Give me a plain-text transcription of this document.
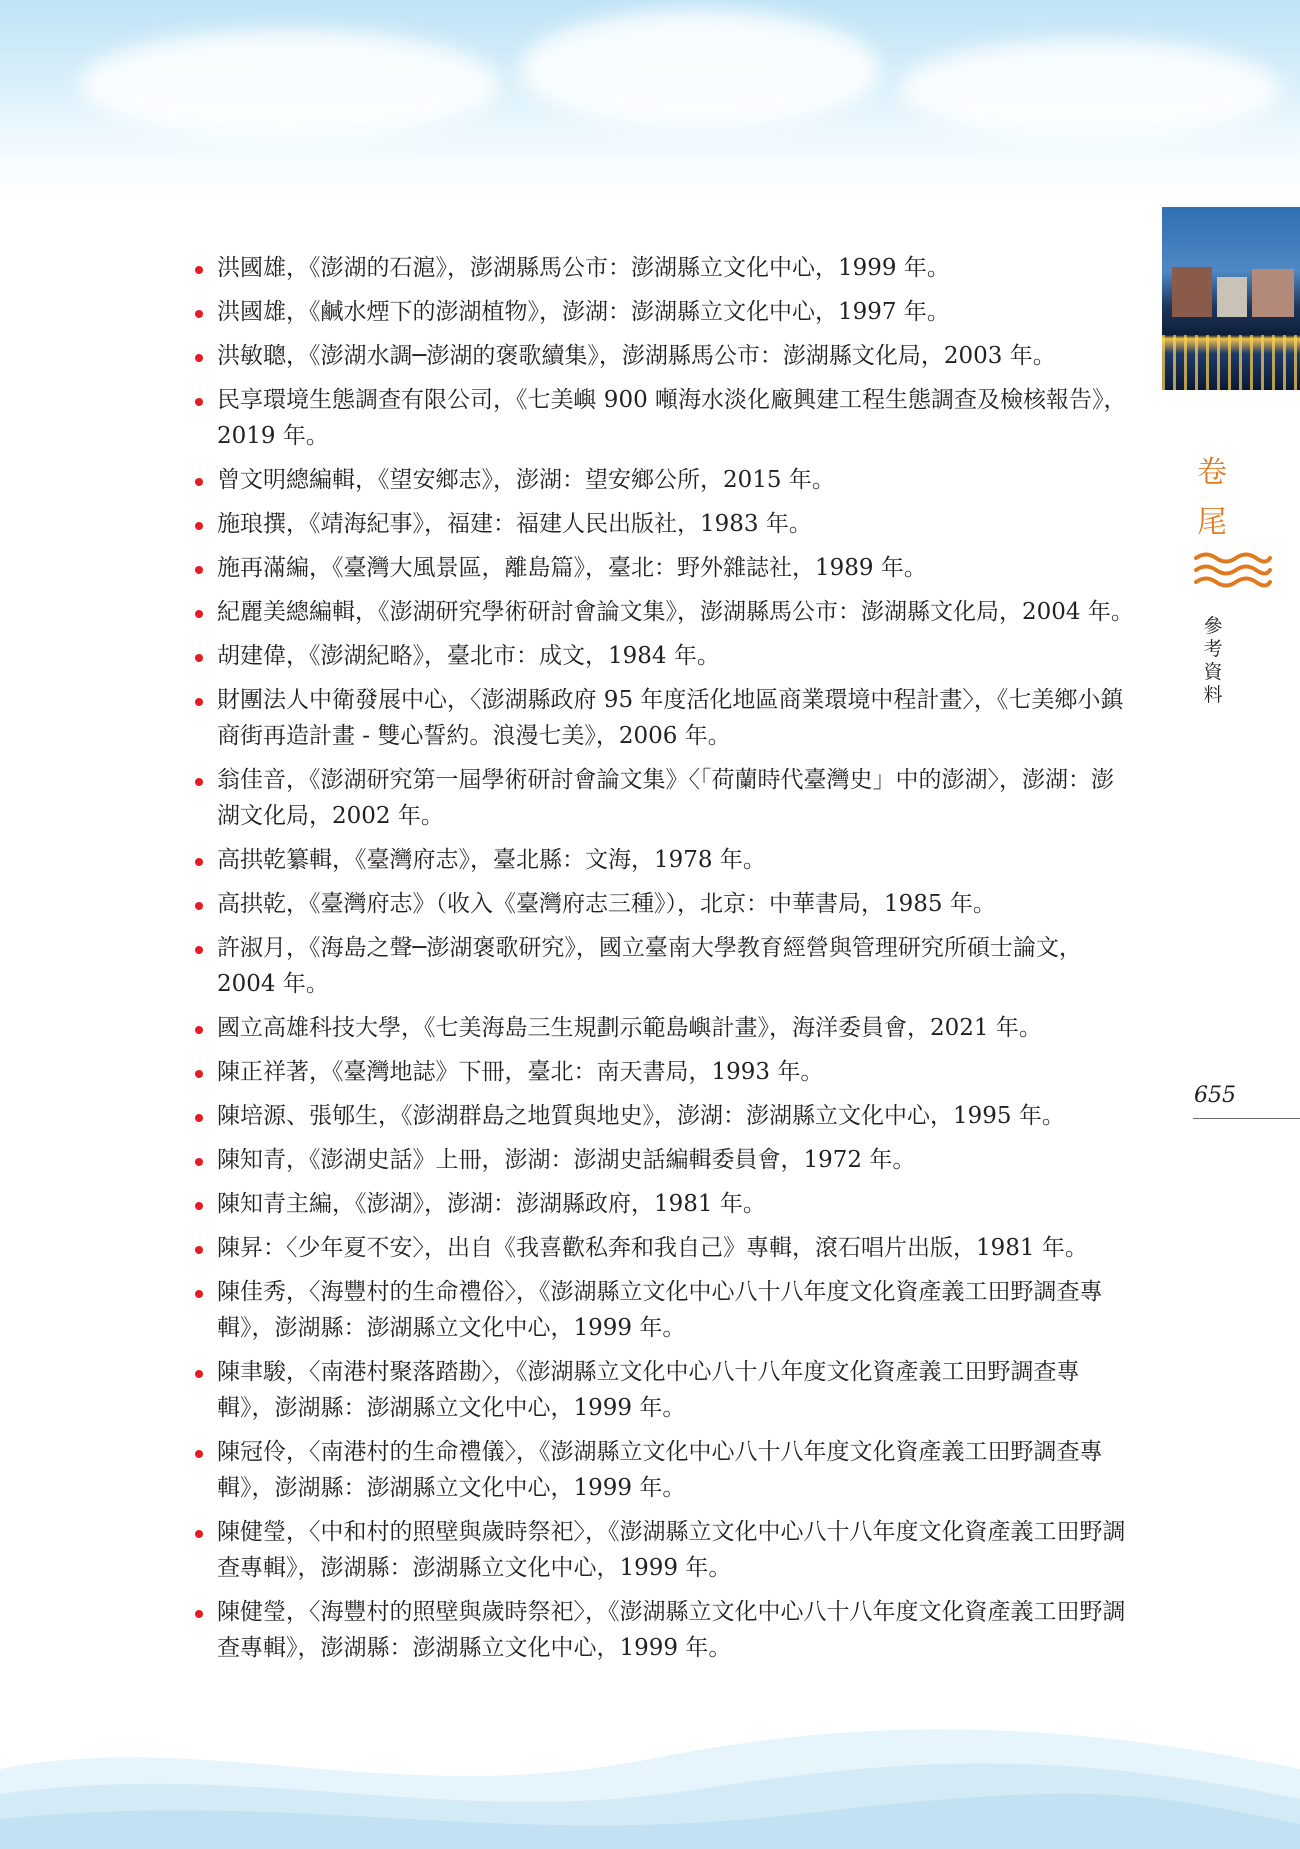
卷
尾
參
考
資
料
655
洪國雄，《澎湖的石滬》，澎湖縣馬公市：澎湖縣立文化中心，1999 年。
洪國雄，《鹹水煙下的澎湖植物》，澎湖：澎湖縣立文化中心，1997 年。
洪敏聰，《澎湖水調─澎湖的褒歌續集》，澎湖縣馬公市：澎湖縣文化局，2003 年。
民享環境生態調查有限公司，《七美嶼 900 噸海水淡化廠興建工程生態調查及檢核報告》，2019 年。
曾文明總編輯，《望安鄉志》，澎湖：望安鄉公所，2015 年。
施琅撰，《靖海紀事》，福建：福建人民出版社，1983 年。
施再滿編，《臺灣大風景區，離島篇》，臺北：野外雜誌社，1989 年。
紀麗美總編輯，《澎湖研究學術研討會論文集》，澎湖縣馬公市：澎湖縣文化局，2004 年。
胡建偉，《澎湖紀略》，臺北市：成文，1984 年。
財團法人中衛發展中心，〈澎湖縣政府 95 年度活化地區商業環境中程計畫〉，《七美鄉小鎮商街再造計畫 - 雙心誓約。浪漫七美》，2006 年。
翁佳音，《澎湖研究第一屆學術研討會論文集》〈「荷蘭時代臺灣史」中的澎湖〉，澎湖：澎湖文化局，2002 年。
高拱乾纂輯，《臺灣府志》，臺北縣：文海，1978 年。
高拱乾，《臺灣府志》（收入《臺灣府志三種》），北京：中華書局，1985 年。
許淑月，《海島之聲─澎湖褒歌研究》，國立臺南大學教育經營與管理研究所碩士論文，2004 年。
國立高雄科技大學，《七美海島三生規劃示範島嶼計畫》，海洋委員會，2021 年。
陳正祥著，《臺灣地誌》下冊，臺北：南天書局，1993 年。
陳培源、張郇生，《澎湖群島之地質與地史》，澎湖：澎湖縣立文化中心，1995 年。
陳知青，《澎湖史話》上冊，澎湖：澎湖史話編輯委員會，1972 年。
陳知青主編，《澎湖》，澎湖：澎湖縣政府，1981 年。
陳昇：〈少年夏不安〉，出自《我喜歡私奔和我自己》專輯，滾石唱片出版，1981 年。
陳佳秀，〈海豐村的生命禮俗〉，《澎湖縣立文化中心八十八年度文化資產義工田野調查專輯》，澎湖縣：澎湖縣立文化中心，1999 年。
陳聿駿，〈南港村聚落踏勘〉，《澎湖縣立文化中心八十八年度文化資產義工田野調查專輯》，澎湖縣：澎湖縣立文化中心，1999 年。
陳冠伶，〈南港村的生命禮儀〉，《澎湖縣立文化中心八十八年度文化資產義工田野調查專輯》，澎湖縣：澎湖縣立文化中心，1999 年。
陳健瑩，〈中和村的照壁與歲時祭祀〉，《澎湖縣立文化中心八十八年度文化資產義工田野調查專輯》，澎湖縣：澎湖縣立文化中心，1999 年。
陳健瑩，〈海豐村的照壁與歲時祭祀〉，《澎湖縣立文化中心八十八年度文化資產義工田野調查專輯》，澎湖縣：澎湖縣立文化中心，1999 年。
